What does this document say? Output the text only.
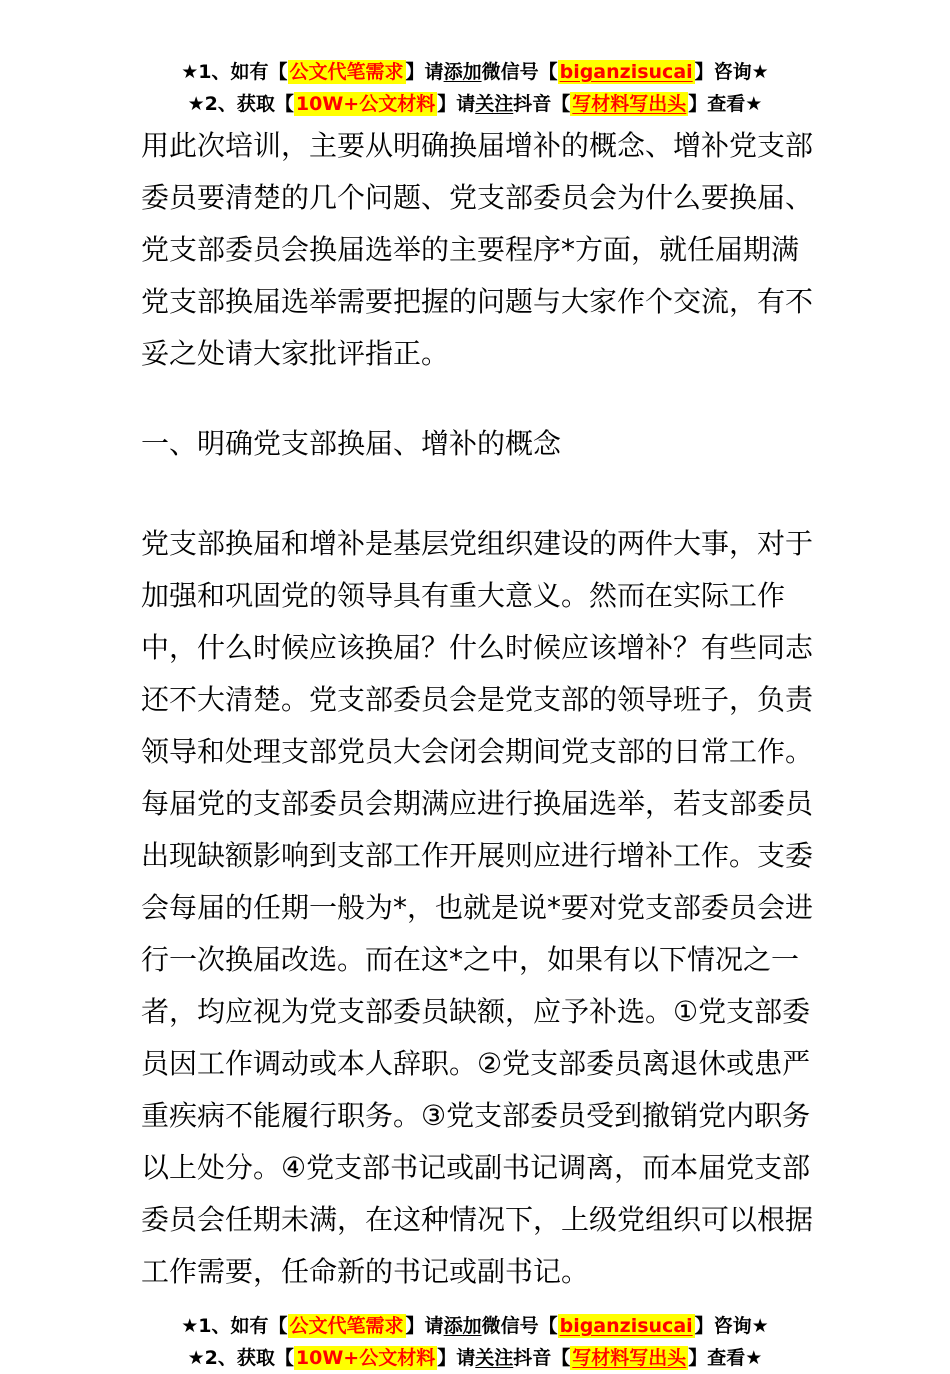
★1、如有【 公文代笔需求 】请添加微信号【 biganzisucai 】咨询★
★2、获取【 10W+公文材料 】请关注抖音【 写材料写出头 】查看★

用此次培训，主要从明确换届增补的概念、增补党支部委员要清楚的几个问题、党支部委员会为什么要换届、党支部委员会换届选举的主要程序*方面，就任届期满党支部换届选举需要把握的问题与大家作个交流，有不妥之处请大家批评指正。

一、明确党支部换届、增补的概念

党支部换届和增补是基层党组织建设的两件大事，对于加强和巩固党的领导具有重大意义。然而在实际工作中，什么时候应该换届？什么时候应该增补？有些同志还不大清楚。党支部委员会是党支部的领导班子，负责领导和处理支部党员大会闭会期间党支部的日常工作。每届党的支部委员会期满应进行换届选举，若支部委员出现缺额影响到支部工作开展则应进行增补工作。支委会每届的任期一般为*，也就是说*要对党支部委员会进行一次换届改选。而在这*之中，如果有以下情况之一者，均应视为党支部委员缺额，应予补选。①党支部委员因工作调动或本人辞职。②党支部委员离退休或患严重疾病不能履行职务。③党支部委员受到撤销党内职务以上处分。④党支部书记或副书记调离，而本届党支部委员会任期未满，在这种情况下，上级党组织可以根据工作需要，任命新的书记或副书记。

★1、如有【 公文代笔需求 】请添加微信号【 biganzisucai 】咨询★
★2、获取【 10W+公文材料 】请关注抖音【 写材料写出头 】查看★
